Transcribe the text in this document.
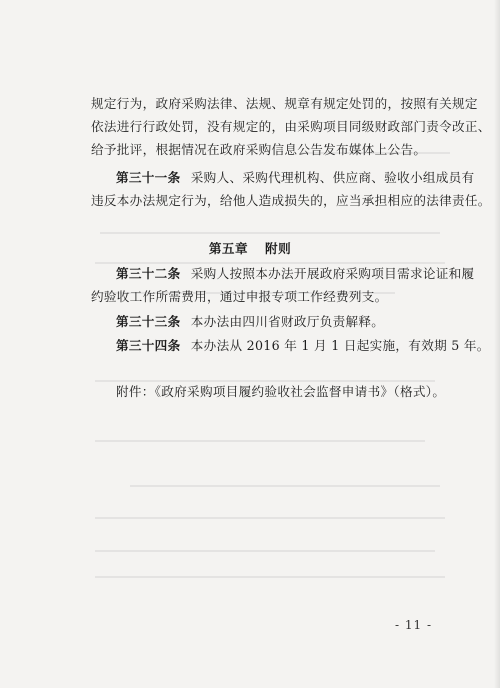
规定行为，政府采购法律、法规、规章有规定处罚的，按照有关规定
依法进行行政处罚，没有规定的，由采购项目同级财政部门责令改正、
给予批评，根据情况在政府采购信息公告发布媒体上公告。
第三十一条 采购人、采购代理机构、供应商、验收小组成员有
违反本办法规定行为，给他人造成损失的，应当承担相应的法律责任。
第五章 附则
第三十二条 采购人按照本办法开展政府采购项目需求论证和履
约验收工作所需费用，通过申报专项工作经费列支。
第三十三条 本办法由四川省财政厅负责解释。
第三十四条 本办法从 2016 年 1 月 1 日起实施，有效期 5 年。
附件：《政府采购项目履约验收社会监督申请书》（格式）。
- 11 -
